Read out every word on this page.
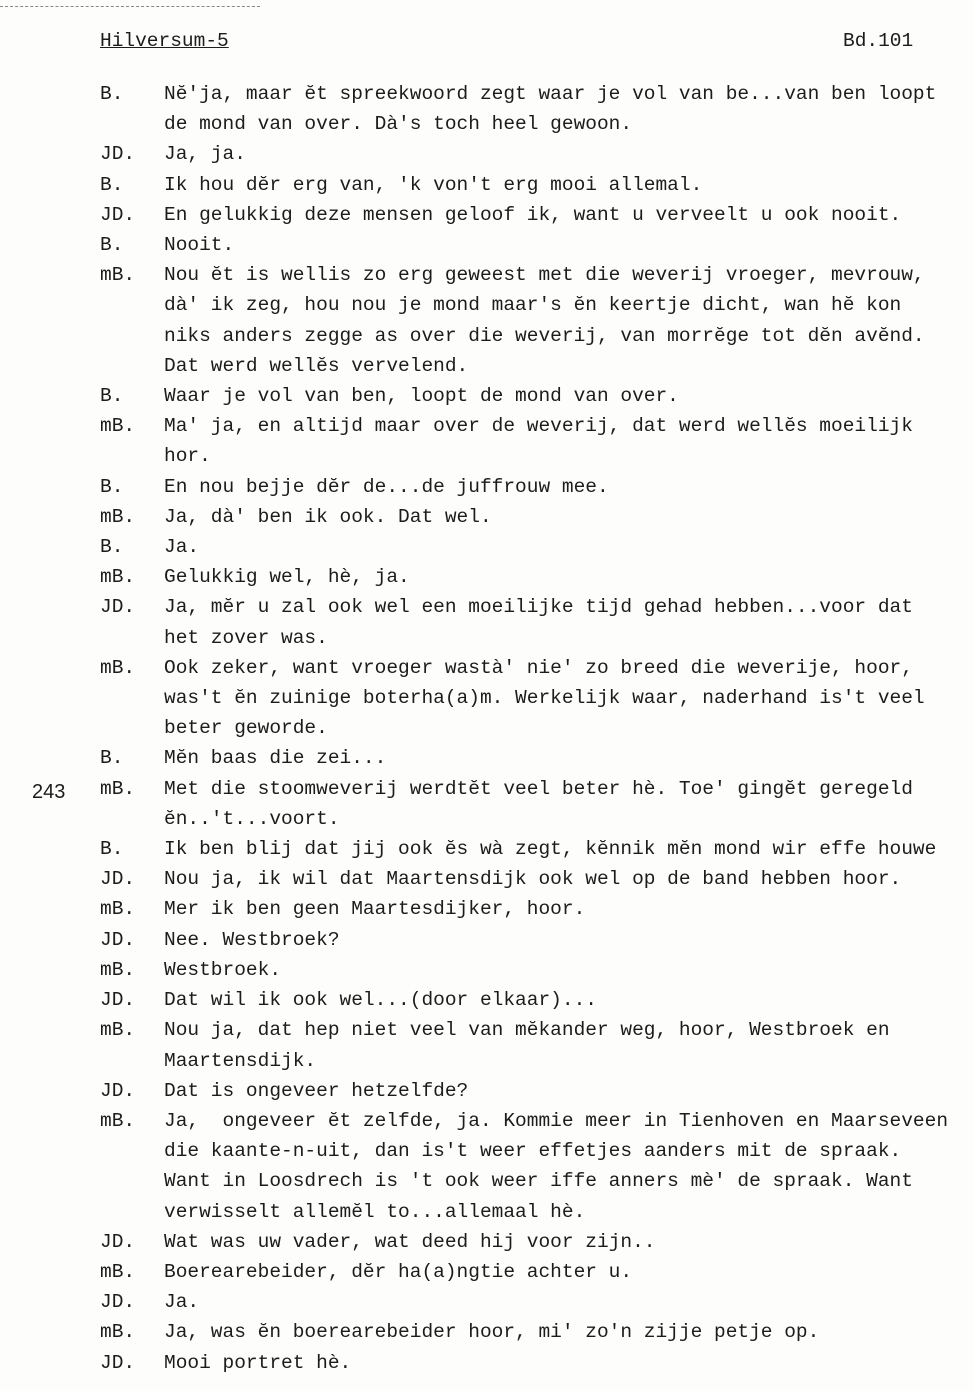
Hilversum-5	Bd.101
243
B.	Nĕ'ja, maar ĕt spreekwoord zegt waar je vol van be...van ben loopt
de mond van over. Dà's toch heel gewoon.
JD.	Ja, ja.
B.	Ik hou dĕr erg van, 'k von't erg mooi allemal.
JD.	En gelukkig deze mensen geloof ik, want u verveelt u ook nooit.
B.	Nooit.
mB.	Nou ĕt is wellis zo erg geweest met die weverij vroeger, mevrouw,
dà' ik zeg, hou nou je mond maar's ĕn keertje dicht, wan hĕ kon
niks anders zegge as over die weverij, van morrĕge tot dĕn avĕnd.
Dat werd wellĕs vervelend.
B.	Waar je vol van ben, loopt de mond van over.
mB.	Ma' ja, en altijd maar over de weverij, dat werd wellĕs moeilijk
hor.
B.	En nou bejje dĕr de...de juffrouw mee.
mB.	Ja, dà' ben ik ook. Dat wel.
B.	Ja.
mB.	Gelukkig wel, hè, ja.
JD.	Ja, mĕr u zal ook wel een moeilijke tijd gehad hebben...voor dat
het zover was.
mB.	Ook zeker, want vroeger wastà' nie' zo breed die weverije, hoor,
was't ĕn zuinige boterha(a)m. Werkelijk waar, naderhand is't veel
beter geworde.
B.	Mĕn baas die zei...
mB.	Met die stoomweverij werdtĕt veel beter hè. Toe' gingĕt geregeld
ĕn..'t...voort.
B.	Ik ben blij dat jij ook ĕs wà zegt, kĕnnik mĕn mond wir effe houwe
JD.	Nou ja, ik wil dat Maartensdijk ook wel op de band hebben hoor.
mB.	Mer ik ben geen Maartesdijker, hoor.
JD.	Nee. Westbroek?
mB.	Westbroek.
JD.	Dat wil ik ook wel...(door elkaar)...
mB.	Nou ja, dat hep niet veel van mĕkander weg, hoor, Westbroek en
Maartensdijk.
JD.	Dat is ongeveer hetzelfde?
mB.	Ja,  ongeveer ĕt zelfde, ja. Kommie meer in Tienhoven en Maarseveen
die kaante-n-uit, dan is't weer effetjes aanders mit de spraak.
Want in Loosdrech is 't ook weer iffe anners mè' de spraak. Want
verwisselt allemĕl to...allemaal hè.
JD.	Wat was uw vader, wat deed hij voor zijn..
mB.	Boerearebeider, dĕr ha(a)ngtie achter u.
JD.	Ja.
mB.	Ja, was ĕn boerearebeider hoor, mi' zo'n zijje petje op.
JD.	Mooi portret hè.
